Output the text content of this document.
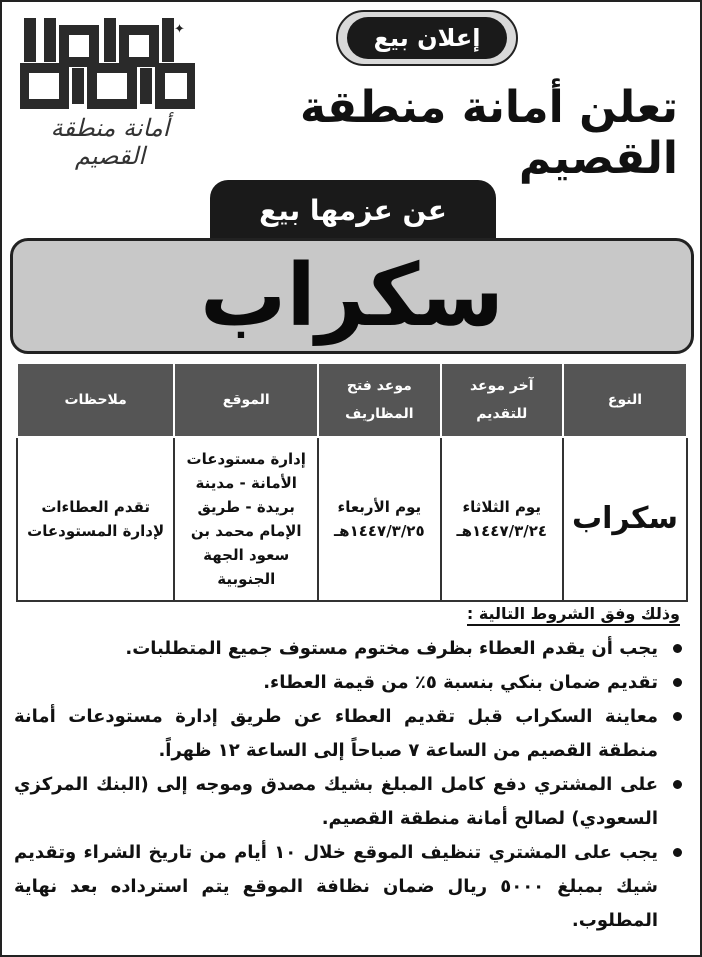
✦
أمانة منطقة القصيم
إعلان بيع
تعلن أمانة منطقة القصيم
عن عزمها بيع
سكراب
النوع	آخر موعد للتقديم	موعد فتح المظاريف	الموقع	ملاحظات
سكراب	يوم الثلاثاء ١٤٤٧/٣/٢٤هـ	يوم الأربعاء ١٤٤٧/٣/٢٥هـ	إدارة مستودعات الأمانة - مدينة بريدة - طريق الإمام محمد بن سعود الجهة الجنوبية	تقدم العطاءات لإدارة المستودعات
وذلك وفق الشروط التالية :
يجب أن يقدم العطاء بظرف مختوم مستوف جميع المتطلبات.
تقديم ضمان بنكي بنسبة ٥٪ من قيمة العطاء.
معاينة السكراب قبل تقديم العطاء عن طريق إدارة مستودعات أمانة منطقة القصيم من الساعة ٧ صباحاً إلى الساعة ١٢ ظهراً.
على المشتري دفع كامل المبلغ بشيك مصدق وموجه إلى (البنك المركزي السعودي) لصالح أمانة منطقة القصيم.
يجب على المشتري تنظيف الموقع خلال ١٠ أيام من تاريخ الشراء وتقديم شيك بمبلغ ٥٠٠٠ ريال ضمان نظافة الموقع يتم استرداده بعد نهاية المطلوب.
